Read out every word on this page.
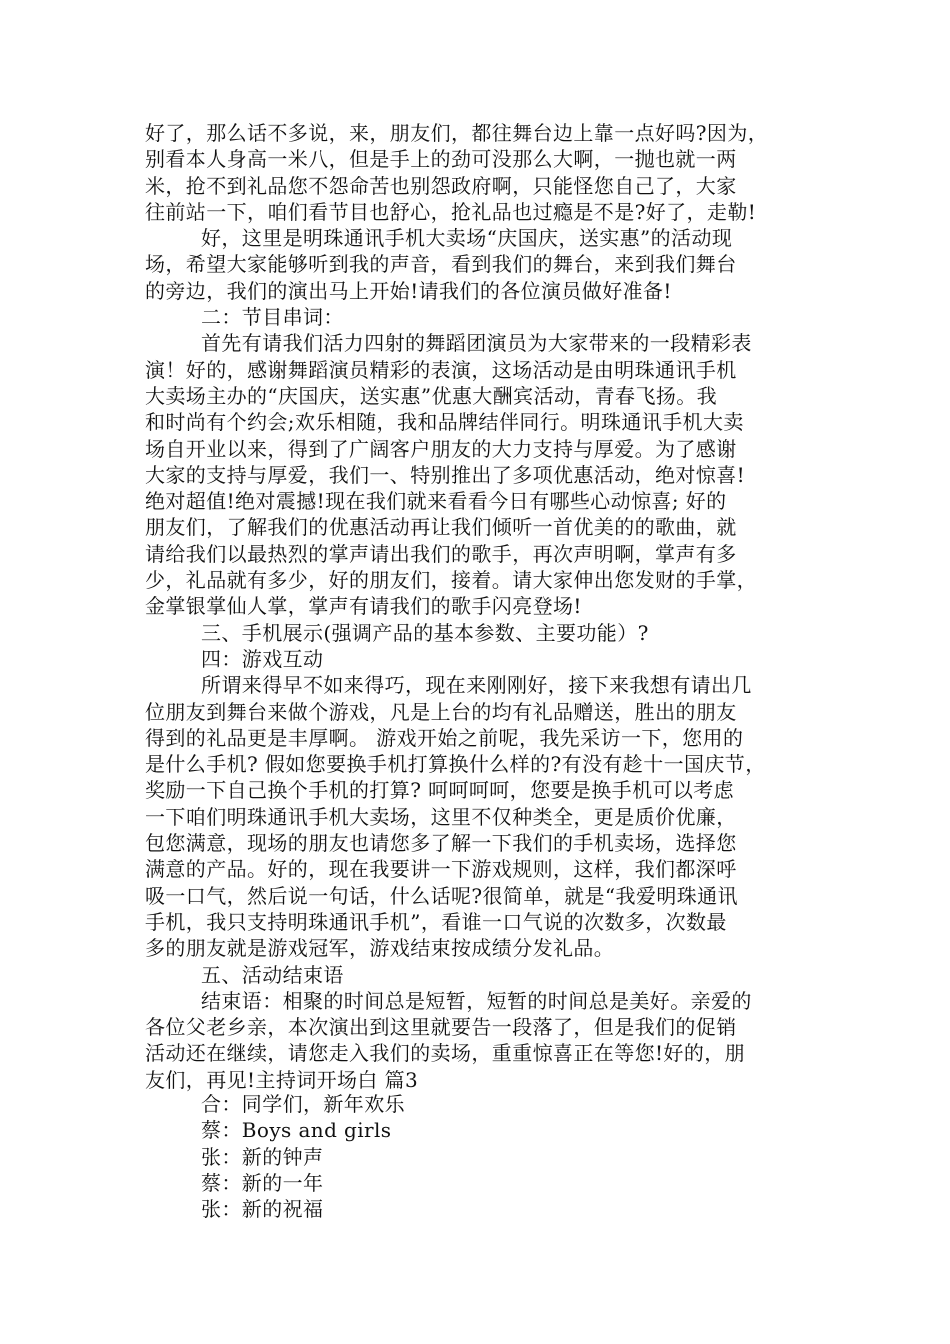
好了，那么话不多说，来，朋友们，都往舞台边上靠一点好吗?因为，
别看本人身高一米八，但是手上的劲可没那么大啊，一抛也就一两
米，抢不到礼品您不怨命苦也别怨政府啊，只能怪您自己了，大家
往前站一下，咱们看节目也舒心，抢礼品也过瘾是不是?好了，走勒!
好，这里是明珠通讯手机大卖场“庆国庆，送实惠”的活动现
场，希望大家能够听到我的声音，看到我们的舞台，来到我们舞台
的旁边，我们的演出马上开始!请我们的各位演员做好准备!
二：节目串词：
首先有请我们活力四射的舞蹈团演员为大家带来的一段精彩表
演！好的，感谢舞蹈演员精彩的表演，这场活动是由明珠通讯手机
大卖场主办的“庆国庆，送实惠”优惠大酬宾活动，青春飞扬。我
和时尚有个约会;欢乐相随，我和品牌结伴同行。明珠通讯手机大卖
场自开业以来，得到了广阔客户朋友的大力支持与厚爱。为了感谢
大家的支持与厚爱，我们一、特别推出了多项优惠活动，绝对惊喜!
绝对超值!绝对震撼!现在我们就来看看今日有哪些心动惊喜; 好的
朋友们，了解我们的优惠活动再让我们倾听一首优美的的歌曲，就
请给我们以最热烈的掌声请出我们的歌手，再次声明啊，掌声有多
少，礼品就有多少，好的朋友们，接着。请大家伸出您发财的手掌，
金掌银掌仙人掌，掌声有请我们的歌手闪亮登场!
三、手机展示(强调产品的基本参数、主要功能）?
四：游戏互动
所谓来得早不如来得巧，现在来刚刚好，接下来我想有请出几
位朋友到舞台来做个游戏，凡是上台的均有礼品赠送，胜出的朋友
得到的礼品更是丰厚啊。 游戏开始之前呢，我先采访一下，您用的
是什么手机? 假如您要换手机打算换什么样的?有没有趁十一国庆节，
奖励一下自己换个手机的打算? 呵呵呵呵，您要是换手机可以考虑
一下咱们明珠通讯手机大卖场，这里不仅种类全，更是质价优廉，
包您满意，现场的朋友也请您多了解一下我们的手机卖场，选择您
满意的产品。好的，现在我要讲一下游戏规则，这样，我们都深呼
吸一口气，然后说一句话，什么话呢?很简单，就是“我爱明珠通讯
手机，我只支持明珠通讯手机”，看谁一口气说的次数多，次数最
多的朋友就是游戏冠军，游戏结束按成绩分发礼品。
五、活动结束语
结束语：相聚的时间总是短暂，短暂的时间总是美好。亲爱的
各位父老乡亲，本次演出到这里就要告一段落了，但是我们的促销
活动还在继续，请您走入我们的卖场，重重惊喜正在等您!好的，朋
友们，再见!主持词开场白 篇3
合：同学们，新年欢乐
蔡：Boys and girls
张：新的钟声
蔡：新的一年
张：新的祝福
